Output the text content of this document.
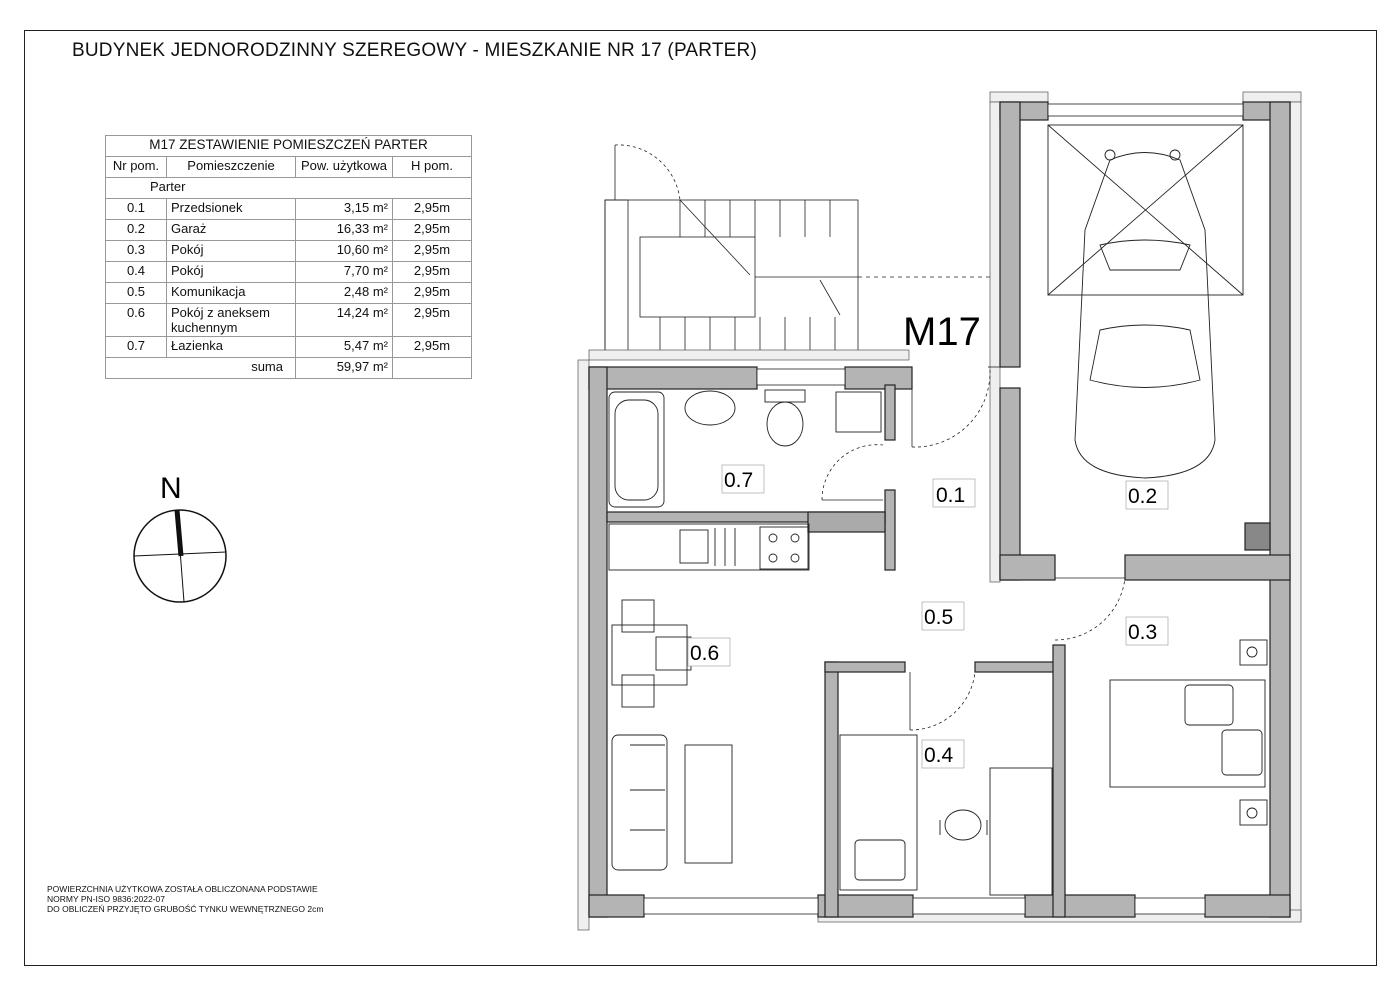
BUDYNEK JEDNORODZINNY SZEREGOWY - MIESZKANIE NR 17 (PARTER)
M17 ZESTAWIENIE POMIESZCZEŃ PARTER			
Nr pom.	Pomieszczenie	Pow. użytkowa	H pom.
Parter			
0.1	Przedsionek	3,15 m²	2,95m
0.2	Garaż	16,33 m²	2,95m
0.3	Pokój	10,60 m²	2,95m
0.4	Pokój	7,70 m²	2,95m
0.5	Komunikacja	2,48 m²	2,95m
0.6	Pokój z aneksem kuchennym	14,24 m²	2,95m
0.7	Łazienka	5,47 m²	2,95m
suma		59,97 m²	
N
M17
0.1	0.2
0.3
0.4
0.5
0.6
0.7
POWIERZCHNIA UŻYTKOWA ZOSTAŁA OBLICZONANA PODSTAWIE
NORMY PN-ISO 9836:2022-07
DO OBLICZEŃ PRZYJĘTO GRUBOŚĆ TYNKU WEWNĘTRZNEGO 2cm
